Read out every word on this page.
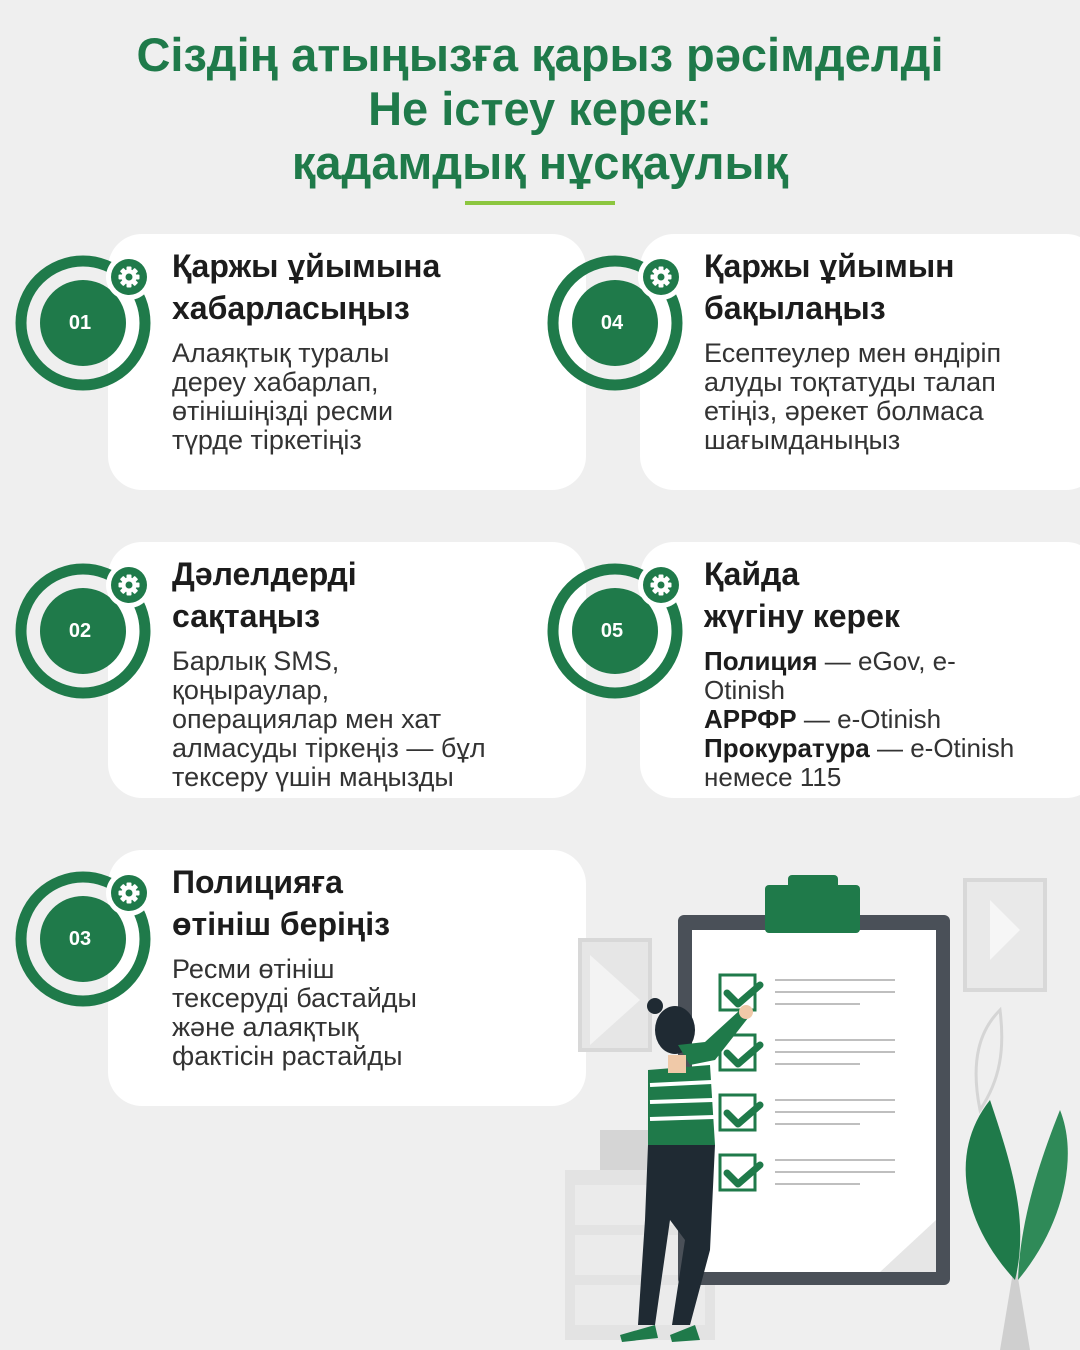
Сіздің атыңызға қарыз рәсімделді
Не істеу керек:
қадамдық нұсқаулық
01
Қаржы ұйымына
хабарласыңыз
Алаяқтық туралы
дереу хабарлап,
өтінішіңізді ресми
түрде тіркетіңіз
02
Дәлелдерді
сақтаңыз
Барлық SMS,
қоңыраулар,
операциялар мен хат
алмасуды тіркеңіз — бұл
тексеру үшін маңызды
03
Полицияға
өтініш беріңіз
Ресми өтініш
тексеруді бастайды
және алаяқтық
фактісін растайды
04
Қаржы ұйымын
бақылаңыз
Есептеулер мен өндіріп
алуды тоқтатуды талап
етіңіз, әрекет болмаса
шағымданыңыз
05
Қайда
жүгіну керек
Полиция — eGov, e-
Otinish
АРРФР — e-Otinish
Прокуратура — e-Otinish
немесе 115
